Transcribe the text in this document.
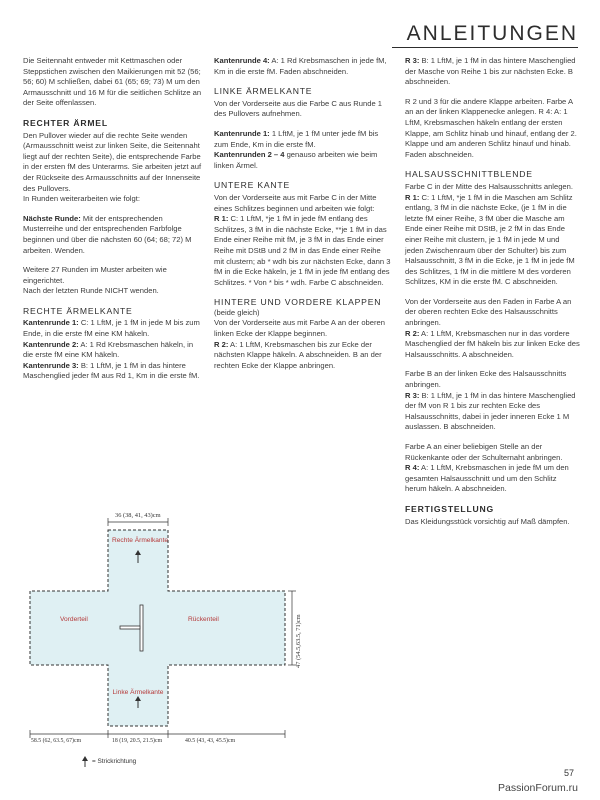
ANLEITUNGEN

Die Seitennaht entweder mit Kettmaschen oder Steppstichen zwischen den Maikierungen mit 52 (56; 56; 60) M schließen, dabei 61 (65; 69; 73) M um den Armausschnitt und 16 M für die seitlichen Schlitze an der Seite offenlassen.

RECHTER ÄRMEL

Den Pullover wieder auf die rechte Seite wenden (Armausschnitt weist zur linken Seite, die Seitennaht liegt auf der rechten Seite), die entsprechende Farbe in der ersten fM des Unterarms. Sie arbeiten jetzt auf der Rückseite des Armausschnitts auf der Innenseite des Pullovers.

In Runden weiterarbeiten wie folgt:

Nächste Runde: Mit der entsprechenden Musterreihe und der entsprechenden Farbfolge beginnen und über die nächsten 60 (64; 68; 72) M arbeiten. Wenden.

Weitere 27 Runden im Muster arbeiten wie eingerichtet.

Nach der letzten Runde NICHT wenden.

RECHTE ÄRMELKANTE

Kantenrunde 1: C: 1 LftM, je 1 fM in jede M bis zum Ende, in die erste fM eine KM häkeln.

Kantenrunde 2: A: 1 Rd Krebsmaschen häkeln, in die erste fM eine KM häkeln.

Kantenrunde 3: B: 1 LftM, je 1 fM in das hintere Maschenglied jeder fM aus Rd 1, Km in die erste fM.

Kantenrunde 4: A: 1 Rd Krebsmaschen in jede fM, Km in die erste fM. Faden abschneiden.

LINKE ÄRMELKANTE

Von der Vorderseite aus die Farbe C aus Runde 1 des Pullovers aufnehmen.

Kantenrunde 1: 1 LftM, je 1 fM unter jede fM bis zum Ende, Km in die erste fM.

Kantenrunden 2 – 4 genauso arbeiten wie beim linken Ärmel.

UNTERE KANTE

Von der Vorderseite aus mit Farbe C in der Mitte eines Schlitzes beginnen und arbeiten wie folgt:

R 1: C: 1 LftM, *je 1 fM in jede fM entlang des Schlitzes, 3 fM in die nächste Ecke, **je 1 fM in das Ende einer Reihe mit fM, je 3 fM in das Ende einer Reihe mit DStB und 2 fM in das Ende einer Reihe mit clustern; ab * wdh bis zur nächsten Ecke, dann 3 fM in die Ecke häkeln, je 1 fM in jede fM entlang des Schlitzes. * Von * bis * wdh. Farbe C abschneiden.

HINTERE UND VORDERE KLAPPEN

(beide gleich)

Von der Vorderseite aus mit Farbe A an der oberen linken Ecke der Klappe beginnen.

R 2: A: 1 LftM, Krebsmaschen bis zur Ecke der nächsten Klappe häkeln. A abschneiden. B an der rechten Ecke der Klappe anbringen.

R 3: B: 1 LftM, je 1 fM in das hintere Maschenglied der Masche von Reihe 1 bis zur nächsten Ecke. B abschneiden.

R 2 und 3 für die andere Klappe arbeiten. Farbe A an an der linken Klappenecke anlegen. R 4: A: 1 LftM, Krebsmaschen häkeln entlang der ersten Klappe, am Schlitz hinab und hinauf, entlang der 2. Klappe und am anderen Schlitz hinauf und hinab. Faden abschneiden.

HALSAUSSCHNITTBLENDE

Farbe C in der Mitte des Halsausschnitts anlegen.

R 1: C: 1 LftM, *je 1 fM in die Maschen am Schlitz entlang, 3 fM in die nächste Ecke, (je 1 fM in die letzte fM einer Reihe, 3 fM über die Masche am Ende einer Reihe mit DStB, je 2 fM in das Ende einer Reihe mit clustern, je 1 fM in jede M und jeden Zwischenraum über der Schulter) bis zum Halsausschnitt, 3 fM in die Ecke, je 1 fM in jede fM des Schlitzes, 1 fM in die mittlere M des vorderen Schlitzes, KM in die erste fM. C abschneiden.

Von der Vorderseite aus den Faden in Farbe A an der oberen rechten Ecke des Halsausschnitts anbringen.

R 2: A: 1 LftM, Krebsmaschen nur in das vordere Maschenglied der fM häkeln bis zur linken Ecke des Halsausschnitts. A abschneiden.

Farbe B an der linken Ecke des Halsausschnitts anbringen.

R 3: B: 1 LftM, je 1 fM in das hintere Maschenglied der fM von R 1 bis zur rechten Ecke des Halsausschnitts, dabei in jeder inneren Ecke 1 M auslassen. B abschneiden.

Farbe A an einer beliebigen Stelle an der Rückenkante oder der Schulternaht anbringen.

R 4: A: 1 LftM, Krebsmaschen in jede fM um den gesamten Halsausschnitt und um den Schlitz herum häkeln. A abschneiden.

FERTIGSTELLUNG

Das Kleidungsstück vorsichtig auf Maß dämpfen.

36 (38, 41, 43)cm
Rechte Ärmelkante
Vorderteil	Rückenteil
Linke Ärmelkante
47 (54.5,63.5, 71)cm
58.5 (62, 63.5, 67)cm	18 (19, 20.5, 21.5)cm	40.5 (43, 43, 45.5)cm
= Strickrichtung
57
PassionForum.ru
